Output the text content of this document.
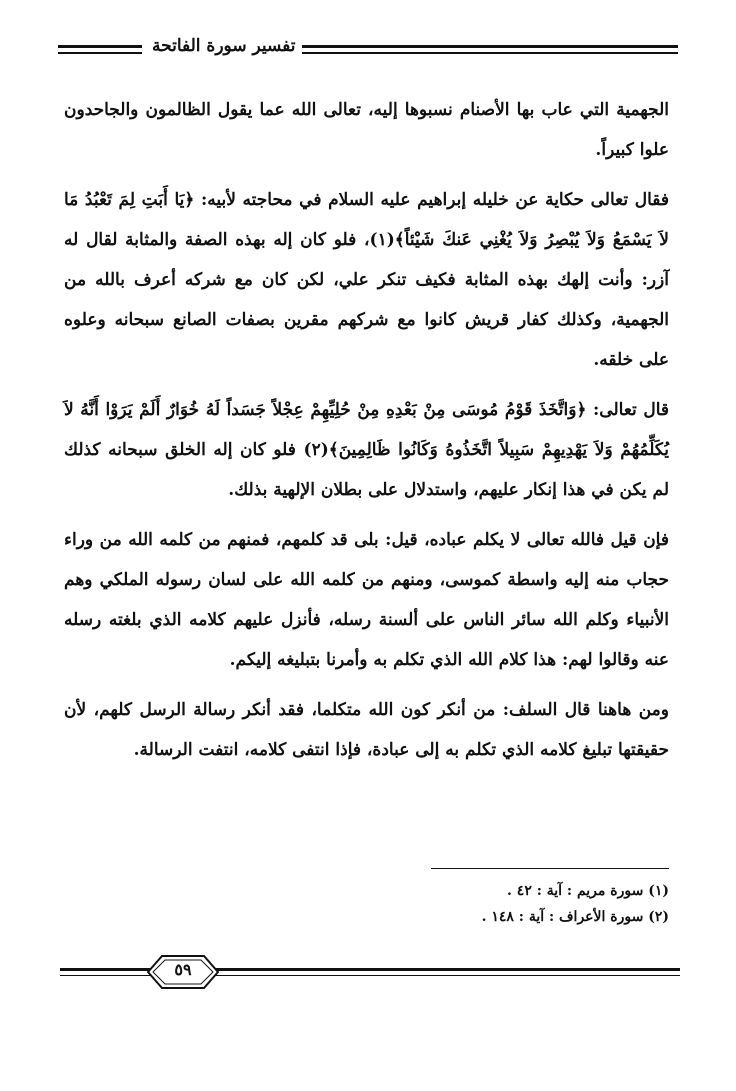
تفسير سورة الفاتحة

الجهمية التي عاب بها الأصنام نسبوها إليه، تعالى الله عما يقول الظالمون والجاحدون علوا كبيراً.

فقال تعالى حكاية عن خليله إبراهيم عليه السلام في محاجته لأبيه: ﴿يَا أَبَتِ لِمَ تَعْبُدُ مَا لاَ يَسْمَعُ وَلاَ يُبْصِرُ وَلاَ يُغْنِي عَنكَ شَيْئاً﴾(١)، فلو كان إله بهذه الصفة والمثابة لقال له آزر: وأنت إلهك بهذه المثابة فكيف تنكر علي، لكن كان مع شركه أعرف بالله من الجهمية، وكذلك كفار قريش كانوا مع شركهم مقرين بصفات الصانع سبحانه وعلوه على خلقه.

قال تعالى: ﴿وَاتَّخَذَ قَوْمُ مُوسَى مِنْ بَعْدِهِ مِنْ حُلِيِّهِمْ عِجْلاً جَسَداً لَهُ خُوَارٌ أَلَمْ يَرَوْا أَنَّهُ لاَ يُكَلِّمُهُمْ وَلاَ يَهْدِيهِمْ سَبِيلاً اتَّخَذُوهُ وَكَانُوا ظَالِمِينَ﴾(٢) فلو كان إله الخلق سبحانه كذلك لم يكن في هذا إنكار عليهم، واستدلال على بطلان الإلهية بذلك.

فإن قيل فالله تعالى لا يكلم عباده، قيل: بلى قد كلمهم، فمنهم من كلمه الله من وراء حجاب منه إليه واسطة كموسى، ومنهم من كلمه الله على لسان رسوله الملكي وهم الأنبياء وكلم الله سائر الناس على ألسنة رسله، فأنزل عليهم كلامه الذي بلغته رسله عنه وقالوا لهم: هذا كلام الله الذي تكلم به وأمرنا بتبليغه إليكم.

ومن هاهنا قال السلف: من أنكر كون الله متكلما، فقد أنكر رسالة الرسل كلهم، لأن حقيقتها تبليغ كلامه الذي تكلم به إلى عبادة، فإذا انتفى كلامه، انتفت الرسالة.

(١) سورة مريم : آية : ٤٢ .
(٢) سورة الأعراف : آية : ١٤٨ .
٥٩
